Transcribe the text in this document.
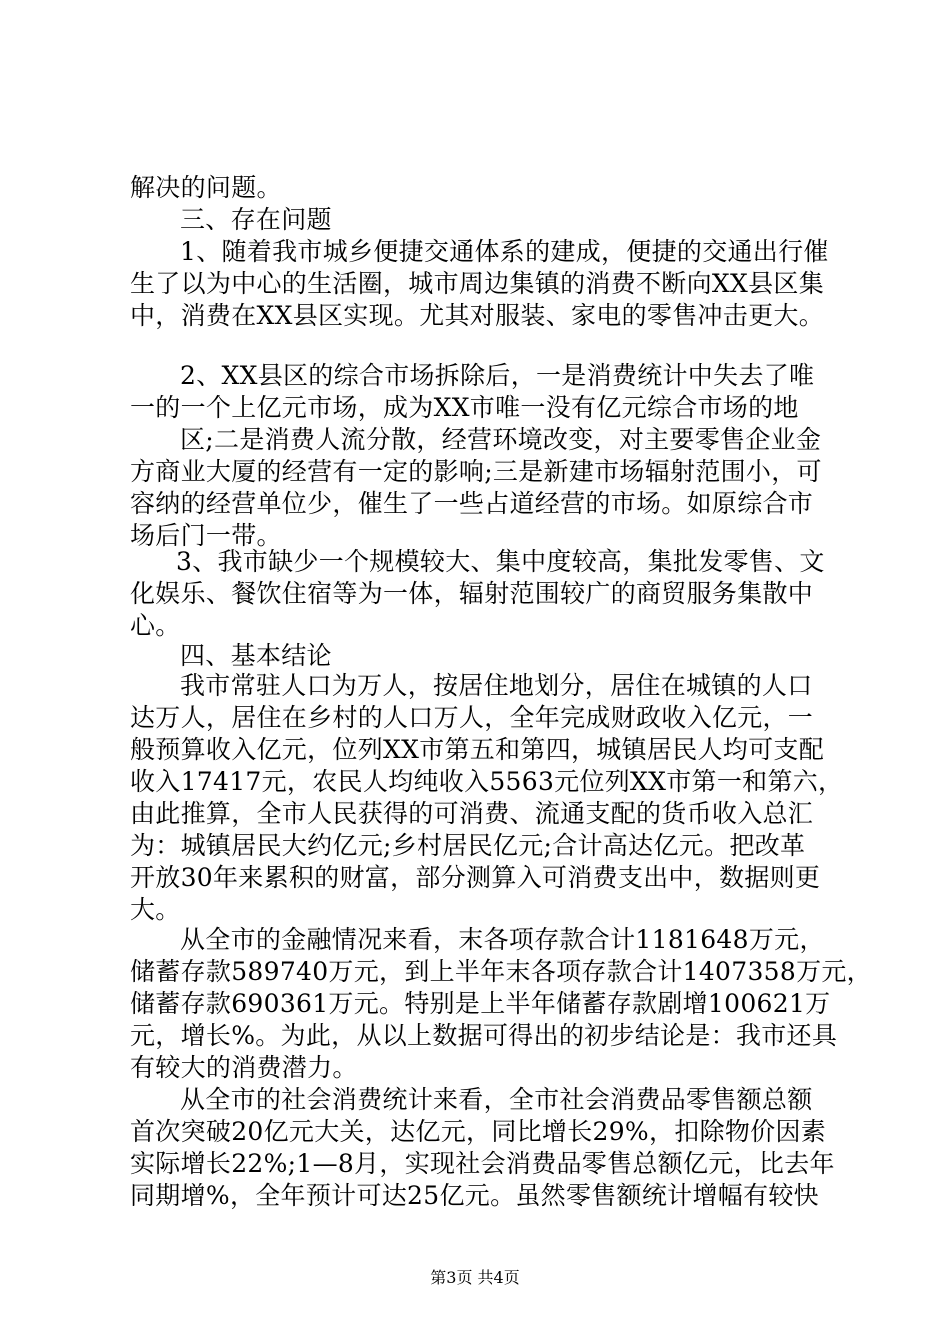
解决的问题。
三、存在问题
1、随着我市城乡便捷交通体系的建成，便捷的交通出行催
生了以为中心的生活圈，城市周边集镇的消费不断向XX县区集
中，消费在XX县区实现。尤其对服装、家电的零售冲击更大。
2、XX县区的综合市场拆除后，一是消费统计中失去了唯
一的一个上亿元市场，成为XX市唯一没有亿元综合市场的地
区;二是消费人流分散，经营环境改变，对主要零售企业金
方商业大厦的经营有一定的影响;三是新建市场辐射范围小，可
容纳的经营单位少，催生了一些占道经营的市场。如原综合市
场后门一带。
3、我市缺少一个规模较大、集中度较高，集批发零售、文
化娱乐、餐饮住宿等为一体，辐射范围较广的商贸服务集散中
心。
四、基本结论
我市常驻人口为万人，按居住地划分，居住在城镇的人口
达万人，居住在乡村的人口万人，全年完成财政收入亿元，一
般预算收入亿元，位列XX市第五和第四，城镇居民人均可支配
收入17417元，农民人均纯收入5563元位列XX市第一和第六，
由此推算，全市人民获得的可消费、流通支配的货币收入总汇
为：城镇居民大约亿元;乡村居民亿元;合计高达亿元。把改革
开放30年来累积的财富，部分测算入可消费支出中，数据则更
大。
从全市的金融情况来看，末各项存款合计1181648万元，
储蓄存款589740万元，到上半年末各项存款合计1407358万元，
储蓄存款690361万元。特别是上半年储蓄存款剧增100621万
元，增长%。为此，从以上数据可得出的初步结论是：我市还具
有较大的消费潜力。
从全市的社会消费统计来看，全市社会消费品零售额总额
首次突破20亿元大关，达亿元，同比增长29%，扣除物价因素
实际增长22%;1—8月，实现社会消费品零售总额亿元，比去年
同期增%，全年预计可达25亿元。虽然零售额统计增幅有较快
第3页 共4页
